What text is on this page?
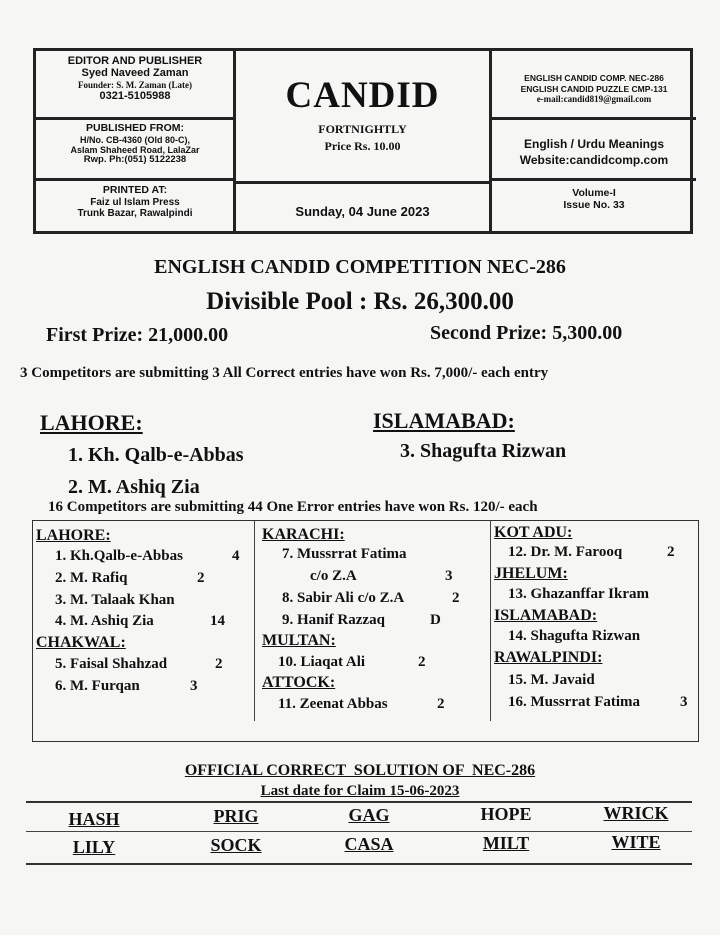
EDITOR AND PUBLISHER
Syed Naveed Zaman
Founder: S. M. Zaman (Late)
0321-5105988
PUBLISHED FROM:
H/No. CB-4360 (Old 80-C),
Aslam Shaheed Road, LalaZar
Rwp. Ph:(051) 5122238
PRINTED AT:
Faiz ul Islam Press
Trunk Bazar, Rawalpindi
CANDID
FORTNIGHTLY
Price Rs. 10.00
Sunday, 04 June 2023
ENGLISH CANDID COMP. NEC-286
ENGLISH CANDID PUZZLE CMP-131
e-mail:candid819@gmail.com
English / Urdu Meanings
Website:candidcomp.com
Volume-I
Issue No. 33
ENGLISH CANDID COMPETITION NEC-286
Divisible Pool : Rs. 26,300.00
First Prize: 21,000.00	Second Prize: 5,300.00
3 Competitors are submitting 3 All Correct entries have won Rs. 7,000/- each entry
LAHORE:
1. Kh. Qalb-e-Abbas
2. M. Ashiq Zia
ISLAMABAD:
3. Shagufta Rizwan
16 Competitors are submitting 44 One Error entries have won Rs. 120/- each
LAHORE:
1. Kh.Qalb-e-Abbas	4
2. M. Rafiq	2
3. M. Talaak Khan
4. M. Ashiq Zia	14
CHAKWAL:
5. Faisal Shahzad	2
6. M. Furqan	3
KARACHI:
7. Mussrrat Fatima
c/o Z.A	3
8. Sabir Ali c/o Z.A	2
9. Hanif Razzaq	D
MULTAN:
10. Liaqat Ali	2
ATTOCK:
11. Zeenat Abbas	2
KOT ADU:
12. Dr. M. Farooq	2
JHELUM:
13. Ghazanffar Ikram
ISLAMABAD:
14. Shagufta Rizwan
RAWALPINDI:
15. M. Javaid
16. Mussrrat Fatima	3
OFFICIAL CORRECT  SOLUTION OF  NEC-286
Last date for Claim 15-06-2023
HASH	PRIG	GAG	HOPE	WRICK
LILY	SOCK	CASA	MILT	WITE
